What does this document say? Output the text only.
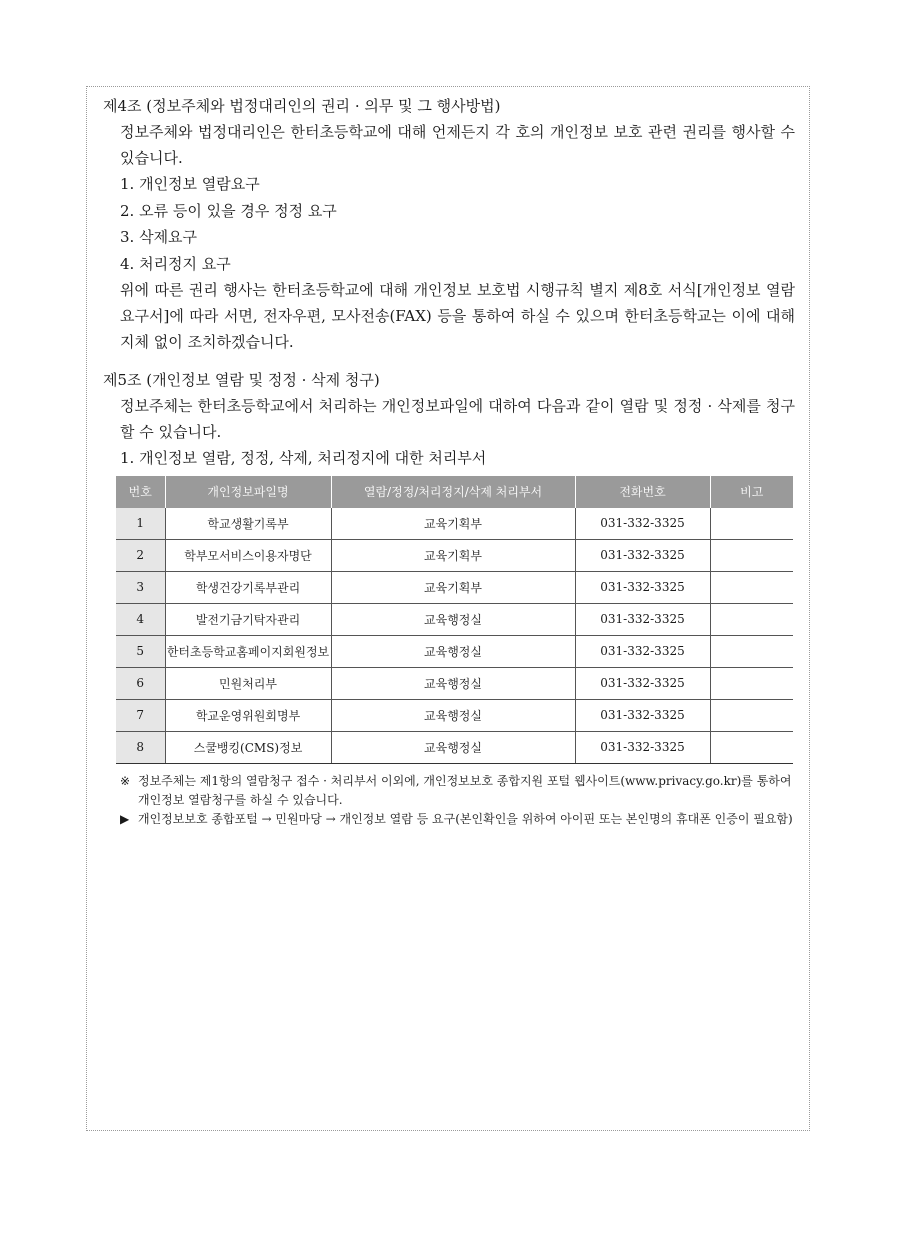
제4조 (정보주체와 법정대리인의 권리 · 의무 및 그 행사방법)

정보주체와 법정대리인은 한터초등학교에 대해 언제든지 각 호의 개인정보 보호 관련 권리를 행사할 수 있습니다.

1. 개인정보 열람요구

2. 오류 등이 있을 경우 정정 요구

3. 삭제요구

4. 처리정지 요구

위에 따른 권리 행사는 한터초등학교에 대해 개인정보 보호법 시행규칙 별지 제8호 서식[개인정보 열람 요구서]에 따라 서면, 전자우편, 모사전송(FAX) 등을 통하여 하실 수 있으며 한터초등학교는 이에 대해 지체 없이 조치하겠습니다.

제5조 (개인정보 열람 및 정정 · 삭제 청구)

정보주체는 한터초등학교에서 처리하는 개인정보파일에 대하여 다음과 같이 열람 및 정정 · 삭제를 청구할 수 있습니다.

1. 개인정보 열람, 정정, 삭제, 처리정지에 대한 처리부서

번호	개인정보파일명	열람/정정/처리정지/삭제 처리부서	전화번호	비고
1	학교생활기록부	교육기획부	031-332-3325	
2	학부모서비스이용자명단	교육기획부	031-332-3325	
3	학생건강기록부관리	교육기획부	031-332-3325	
4	발전기금기탁자관리	교육행정실	031-332-3325	
5	한터초등학교홈페이지회원정보	교육행정실	031-332-3325	
6	민원처리부	교육행정실	031-332-3325	
7	학교운영위원회명부	교육행정실	031-332-3325	
8	스쿨뱅킹(CMS)정보	교육행정실	031-332-3325	

※ 정보주체는 제1항의 열람청구 접수 · 처리부서 이외에, 개인정보보호 종합지원 포털 웹사이트(www.privacy.go.kr)를 통하여 개인정보 열람청구를 하실 수 있습니다.

▶ 개인정보보호 종합포털 → 민원마당 → 개인정보 열람 등 요구(본인확인을 위하여 아이핀 또는 본인명의 휴대폰 인증이 필요함)
